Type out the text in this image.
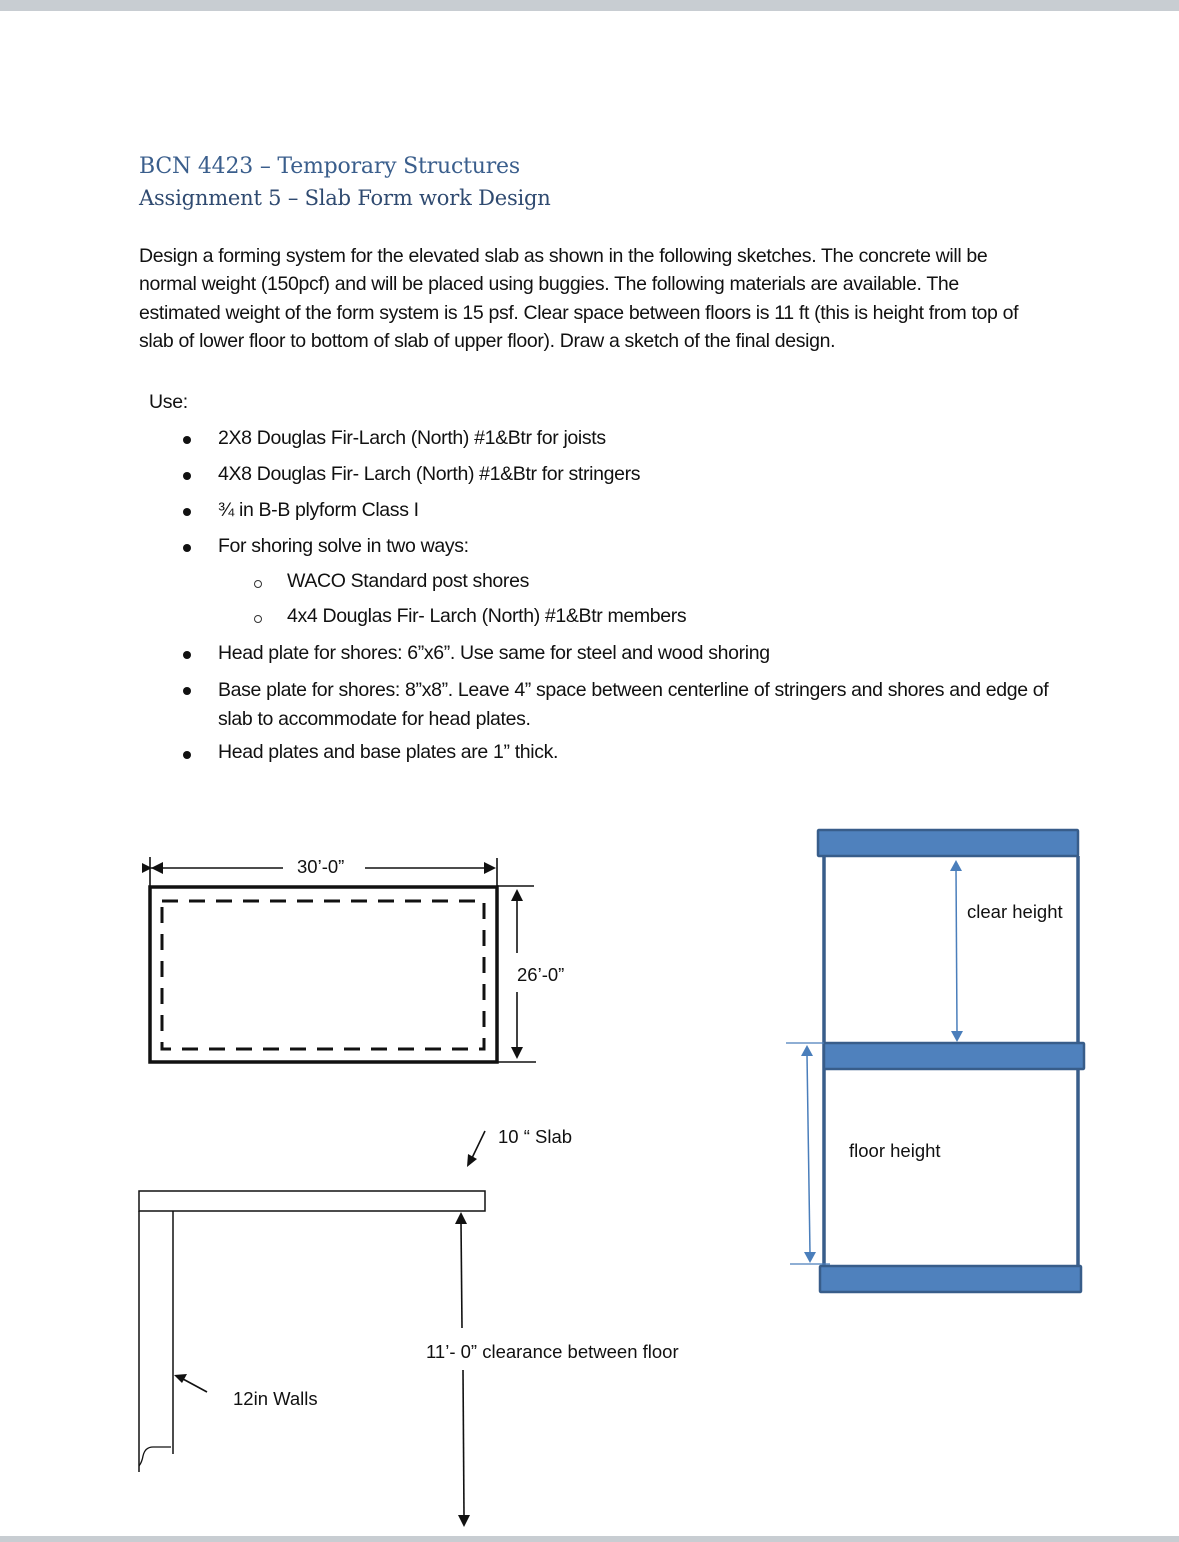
BCN 4423 – Temporary Structures
Assignment 5 – Slab Form work Design
Design a forming system for the elevated slab as shown in the following sketches. The concrete will be normal weight (150pcf) and will be placed using buggies. The following materials are available. The estimated weight of the form system is 15 psf. Clear space between floors is 11 ft (this is height from top of slab of lower floor to bottom of slab of upper floor). Draw a sketch of the final design.
Use:
2X8 Douglas Fir-Larch (North) #1&Btr for joists
4X8 Douglas Fir- Larch (North) #1&Btr for stringers
¾ in B-B plyform Class I
For shoring solve in two ways:
WACO Standard post shores
4x4 Douglas Fir- Larch (North) #1&Btr members
Head plate for shores: 6”x6”. Use same for steel and wood shoring
Base plate for shores: 8”x8”. Leave 4” space between centerline of stringers and shores and edge of slab to accommodate for head plates.
Head plates and base plates are 1” thick.
30’-0”
26’-0”
10 “ Slab
12in Walls
11’- 0” clearance between floor
clear height
floor height
